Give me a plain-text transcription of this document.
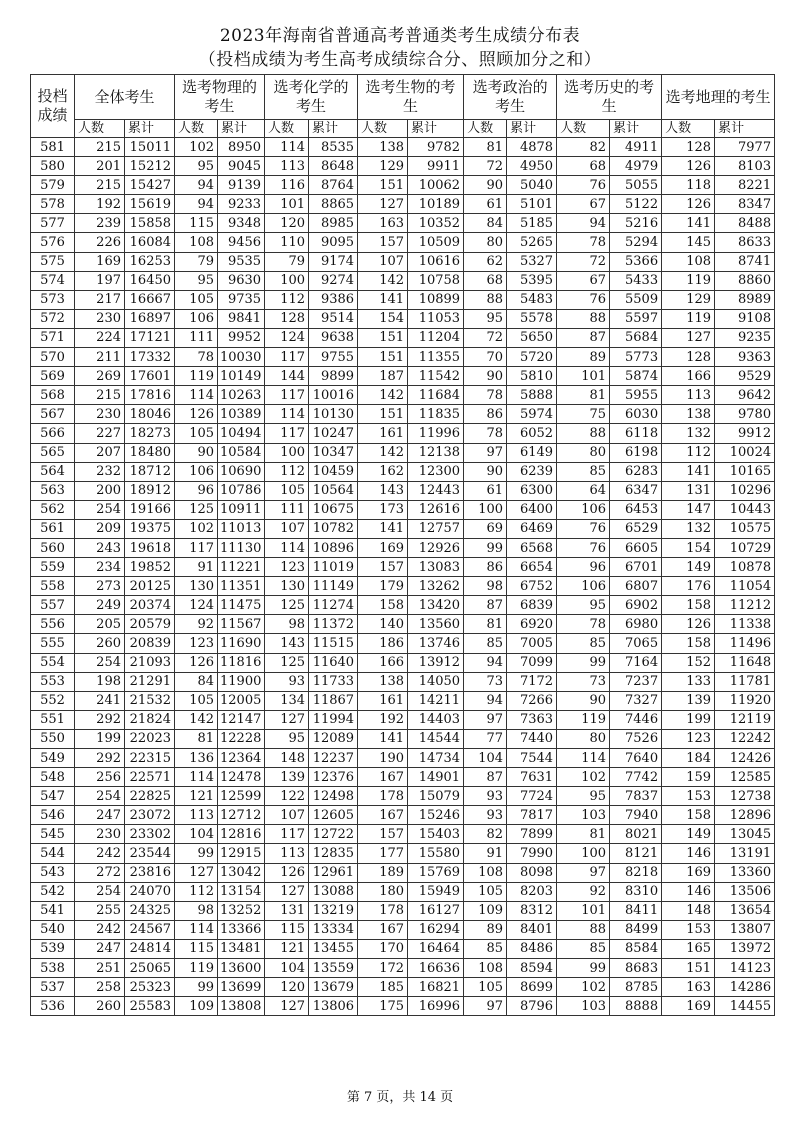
2023年海南省普通高考普通类考生成绩分布表
（投档成绩为考生高考成绩综合分、照顾加分之和）
投档成绩	全体考生		选考物理的考生		选考化学的考生		选考生物的考生		选考政治的考生		选考历史的考生		选考地理的考生	
	人数	累计	人数	累计	人数	累计	人数	累计	人数	累计	人数	累计	人数	累计
581	215	15011	102	8950	114	8535	138	9782	81	4878	82	4911	128	7977
580	201	15212	95	9045	113	8648	129	9911	72	4950	68	4979	126	8103
579	215	15427	94	9139	116	8764	151	10062	90	5040	76	5055	118	8221
578	192	15619	94	9233	101	8865	127	10189	61	5101	67	5122	126	8347
577	239	15858	115	9348	120	8985	163	10352	84	5185	94	5216	141	8488
576	226	16084	108	9456	110	9095	157	10509	80	5265	78	5294	145	8633
575	169	16253	79	9535	79	9174	107	10616	62	5327	72	5366	108	8741
574	197	16450	95	9630	100	9274	142	10758	68	5395	67	5433	119	8860
573	217	16667	105	9735	112	9386	141	10899	88	5483	76	5509	129	8989
572	230	16897	106	9841	128	9514	154	11053	95	5578	88	5597	119	9108
571	224	17121	111	9952	124	9638	151	11204	72	5650	87	5684	127	9235
570	211	17332	78	10030	117	9755	151	11355	70	5720	89	5773	128	9363
569	269	17601	119	10149	144	9899	187	11542	90	5810	101	5874	166	9529
568	215	17816	114	10263	117	10016	142	11684	78	5888	81	5955	113	9642
567	230	18046	126	10389	114	10130	151	11835	86	5974	75	6030	138	9780
566	227	18273	105	10494	117	10247	161	11996	78	6052	88	6118	132	9912
565	207	18480	90	10584	100	10347	142	12138	97	6149	80	6198	112	10024
564	232	18712	106	10690	112	10459	162	12300	90	6239	85	6283	141	10165
563	200	18912	96	10786	105	10564	143	12443	61	6300	64	6347	131	10296
562	254	19166	125	10911	111	10675	173	12616	100	6400	106	6453	147	10443
561	209	19375	102	11013	107	10782	141	12757	69	6469	76	6529	132	10575
560	243	19618	117	11130	114	10896	169	12926	99	6568	76	6605	154	10729
559	234	19852	91	11221	123	11019	157	13083	86	6654	96	6701	149	10878
558	273	20125	130	11351	130	11149	179	13262	98	6752	106	6807	176	11054
557	249	20374	124	11475	125	11274	158	13420	87	6839	95	6902	158	11212
556	205	20579	92	11567	98	11372	140	13560	81	6920	78	6980	126	11338
555	260	20839	123	11690	143	11515	186	13746	85	7005	85	7065	158	11496
554	254	21093	126	11816	125	11640	166	13912	94	7099	99	7164	152	11648
553	198	21291	84	11900	93	11733	138	14050	73	7172	73	7237	133	11781
552	241	21532	105	12005	134	11867	161	14211	94	7266	90	7327	139	11920
551	292	21824	142	12147	127	11994	192	14403	97	7363	119	7446	199	12119
550	199	22023	81	12228	95	12089	141	14544	77	7440	80	7526	123	12242
549	292	22315	136	12364	148	12237	190	14734	104	7544	114	7640	184	12426
548	256	22571	114	12478	139	12376	167	14901	87	7631	102	7742	159	12585
547	254	22825	121	12599	122	12498	178	15079	93	7724	95	7837	153	12738
546	247	23072	113	12712	107	12605	167	15246	93	7817	103	7940	158	12896
545	230	23302	104	12816	117	12722	157	15403	82	7899	81	8021	149	13045
544	242	23544	99	12915	113	12835	177	15580	91	7990	100	8121	146	13191
543	272	23816	127	13042	126	12961	189	15769	108	8098	97	8218	169	13360
542	254	24070	112	13154	127	13088	180	15949	105	8203	92	8310	146	13506
541	255	24325	98	13252	131	13219	178	16127	109	8312	101	8411	148	13654
540	242	24567	114	13366	115	13334	167	16294	89	8401	88	8499	153	13807
539	247	24814	115	13481	121	13455	170	16464	85	8486	85	8584	165	13972
538	251	25065	119	13600	104	13559	172	16636	108	8594	99	8683	151	14123
537	258	25323	99	13699	120	13679	185	16821	105	8699	102	8785	163	14286
536	260	25583	109	13808	127	13806	175	16996	97	8796	103	8888	169	14455
第 7 页，共 14 页
